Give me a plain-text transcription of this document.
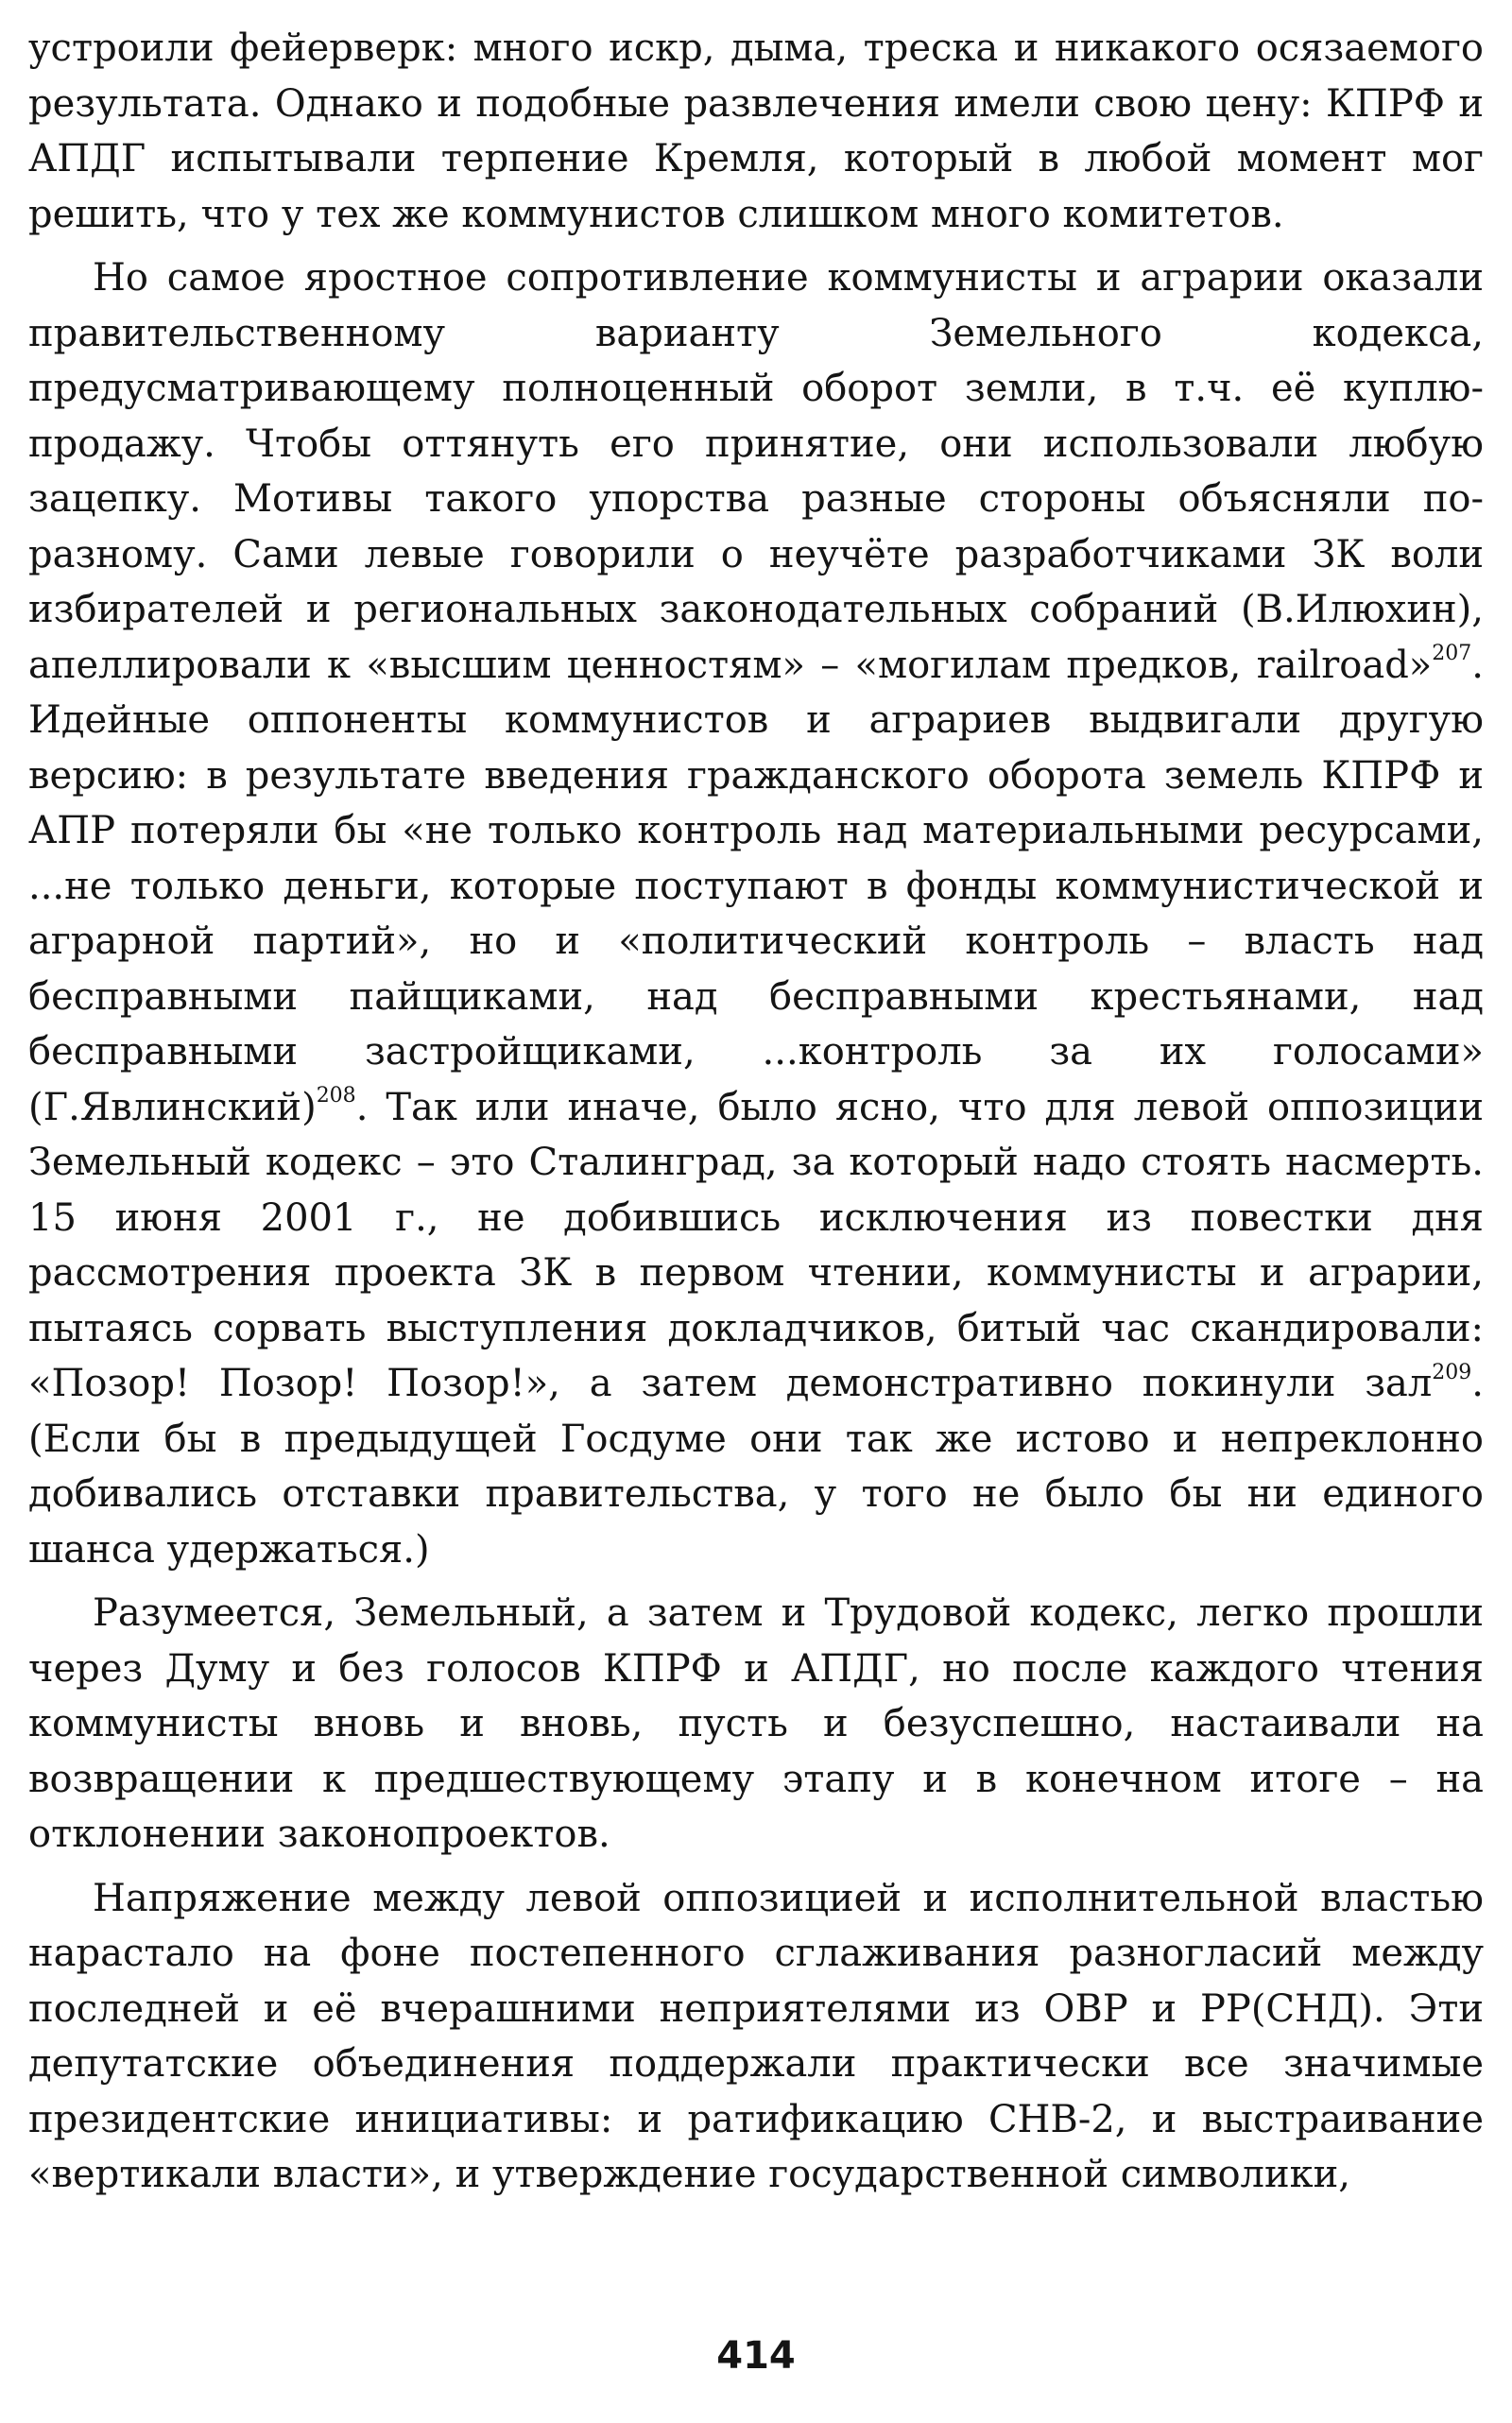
устроили фейерверк: много искр, дыма, треска и никакого осязаемого результата. Однако и подобные развлечения имели свою цену: КПРФ и АПДГ испытывали терпение Кремля, который в любой момент мог решить, что у тех же коммунистов слишком много комитетов.

Но самое яростное сопротивление коммунисты и аграрии оказали правительственному варианту Земельного кодекса, предусматривающему полноценный оборот земли, в т.ч. её куплю-продажу. Чтобы оттянуть его принятие, они использовали любую зацепку. Мотивы такого упорства разные стороны объясняли по-разному. Сами левые говорили о неучёте разработчиками ЗК воли избирателей и региональных законодательных собраний (В.Илюхин), апеллировали к «высшим ценностям» – «могилам предков, railroad»$^{207}$. Идейные оппоненты коммунистов и аграриев выдвигали другую версию: в результате введения гражданского оборота земель КПРФ и АПР потеряли бы «не только контроль над материальными ресурсами, ...не только деньги, которые поступают в фонды коммунистической и аграрной партий», но и «политический контроль – власть над бесправными пайщиками, над бесправными крестьянами, над бесправными застройщиками, ...контроль за их голосами» (Г.Явлинский)$^{208}$. Так или иначе, было ясно, что для левой оппозиции Земельный кодекс – это Сталинград, за который надо стоять насмерть. 15 июня 2001 г., не добившись исключения из повестки дня рассмотрения проекта ЗК в первом чтении, коммунисты и аграрии, пытаясь сорвать выступления докладчиков, битый час скандировали: «Позор! Позор! Позор!», а затем демонстративно покинули зал$^{209}$. (Если бы в предыдущей Госдуме они так же истово и непреклонно добивались отставки правительства, у того не было бы ни единого шанса удержаться.)

Разумеется, Земельный, а затем и Трудовой кодекс, легко прошли через Думу и без голосов КПРФ и АПДГ, но после каждого чтения коммунисты вновь и вновь, пусть и безуспешно, настаивали на возвращении к предшествующему этапу и в конечном итоге – на отклонении законопроектов.

Напряжение между левой оппозицией и исполнительной властью нарастало на фоне постепенного сглаживания разногласий между последней и её вчерашними неприятелями из ОВР и РР(СНД). Эти депутатские объединения поддержали практически все значимые президентские инициативы: и ратификацию СНВ-2, и выстраивание «вертикали власти», и утверждение государственной символики,

414
